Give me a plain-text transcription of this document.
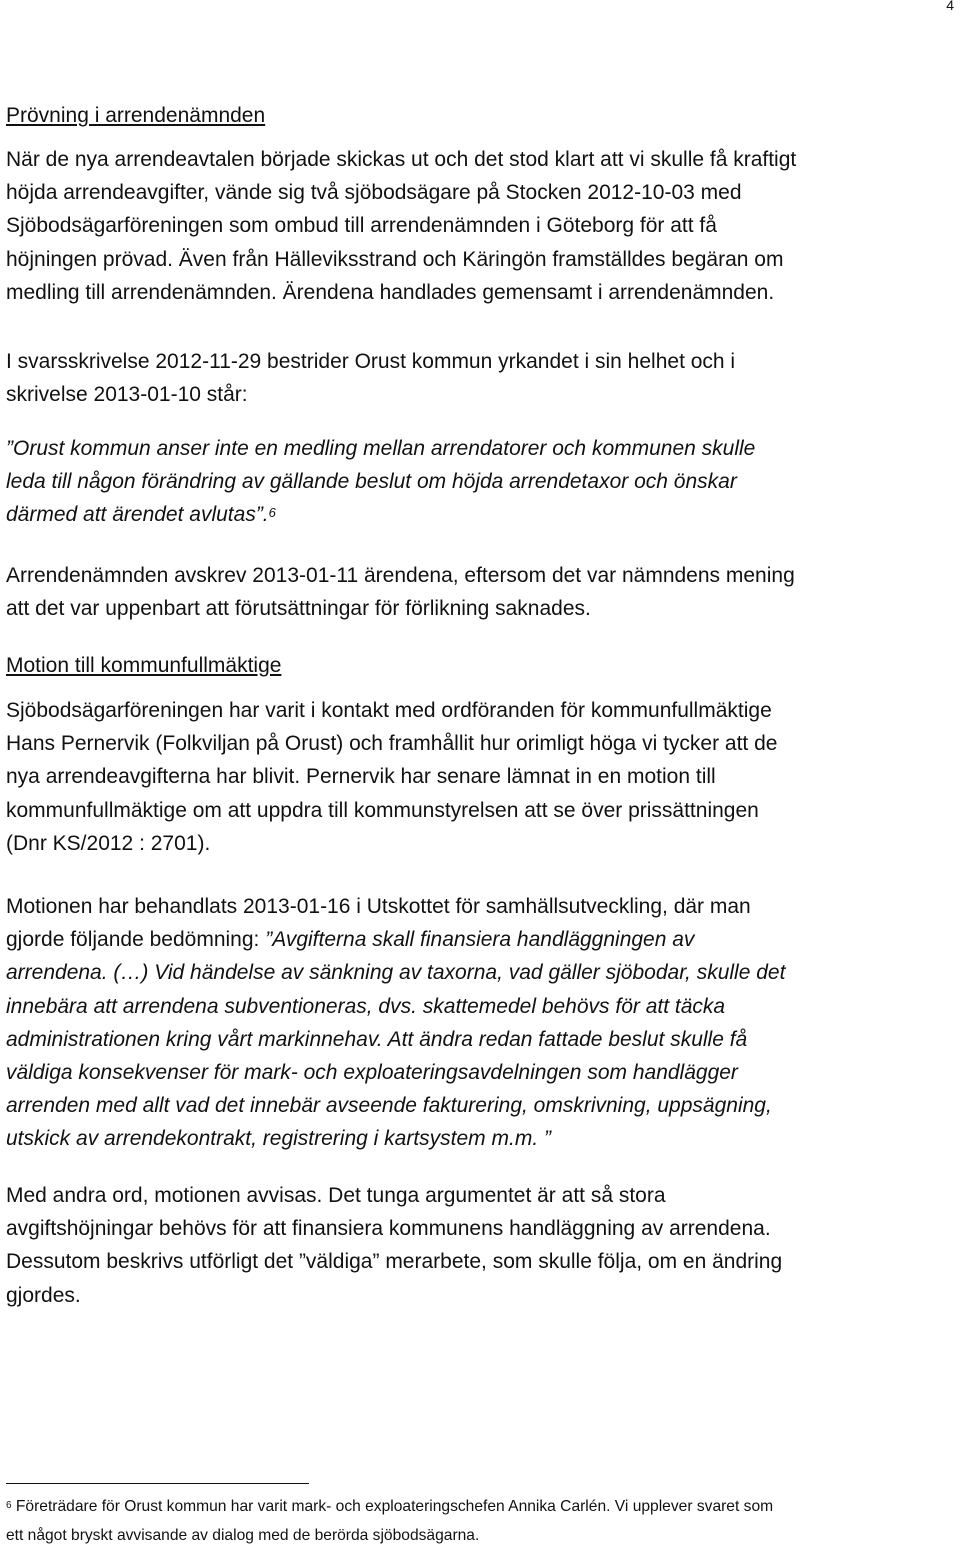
4
Prövning i arrendenämnden
När de nya arrendeavtalen började skickas ut och det stod klart att vi skulle få kraftigt
höjda arrendeavgifter, vände sig två sjöbodsägare på Stocken 2012-10-03 med
Sjöbodsägarföreningen som ombud till arrendenämnden i Göteborg för att få
höjningen prövad. Även från Hälleviksstrand och Käringön framställdes begäran om
medling till arrendenämnden. Ärendena handlades gemensamt i arrendenämnden.
I svarsskrivelse 2012-11-29 bestrider Orust kommun yrkandet i sin helhet och i
skrivelse 2013-01-10 står:
”Orust kommun anser inte en medling mellan arrendatorer och kommunen skulle
leda till någon förändring av gällande beslut om höjda arrendetaxor och önskar
därmed att ärendet avlutas”.$^6$
Arrendenämnden avskrev 2013-01-11 ärendena, eftersom det var nämndens mening
att det var uppenbart att förutsättningar för förlikning saknades.
Motion till kommunfullmäktige
Sjöbodsägarföreningen har varit i kontakt med ordföranden för kommunfullmäktige
Hans Pernervik (Folkviljan på Orust) och framhållit hur orimligt höga vi tycker att de
nya arrendeavgifterna har blivit. Pernervik har senare lämnat in en motion till
kommunfullmäktige om att uppdra till kommunstyrelsen att se över prissättningen
(Dnr KS/2012 : 2701).
Motionen har behandlats 2013-01-16 i Utskottet för samhällsutveckling, där man
gjorde följande bedömning: ”Avgifterna skall finansiera handläggningen av
arrendena. (…) Vid händelse av sänkning av taxorna, vad gäller sjöbodar, skulle det
innebära att arrendena subventioneras, dvs. skattemedel behövs för att täcka
administrationen kring vårt markinnehav. Att ändra redan fattade beslut skulle få
väldiga konsekvenser för mark- och exploateringsavdelningen som handlägger
arrenden med allt vad det innebär avseende fakturering, omskrivning, uppsägning,
utskick av arrendekontrakt, registrering i kartsystem m.m. ”
Med andra ord, motionen avvisas. Det tunga argumentet är att så stora
avgiftshöjningar behövs för att finansiera kommunens handläggning av arrendena.
Dessutom beskrivs utförligt det ”väldiga” merarbete, som skulle följa, om en ändring
gjordes.
$^6$ Företrädare för Orust kommun har varit mark- och exploateringschefen Annika Carlén. Vi upplever svaret som
ett något bryskt avvisande av dialog med de berörda sjöbodsägarna.
